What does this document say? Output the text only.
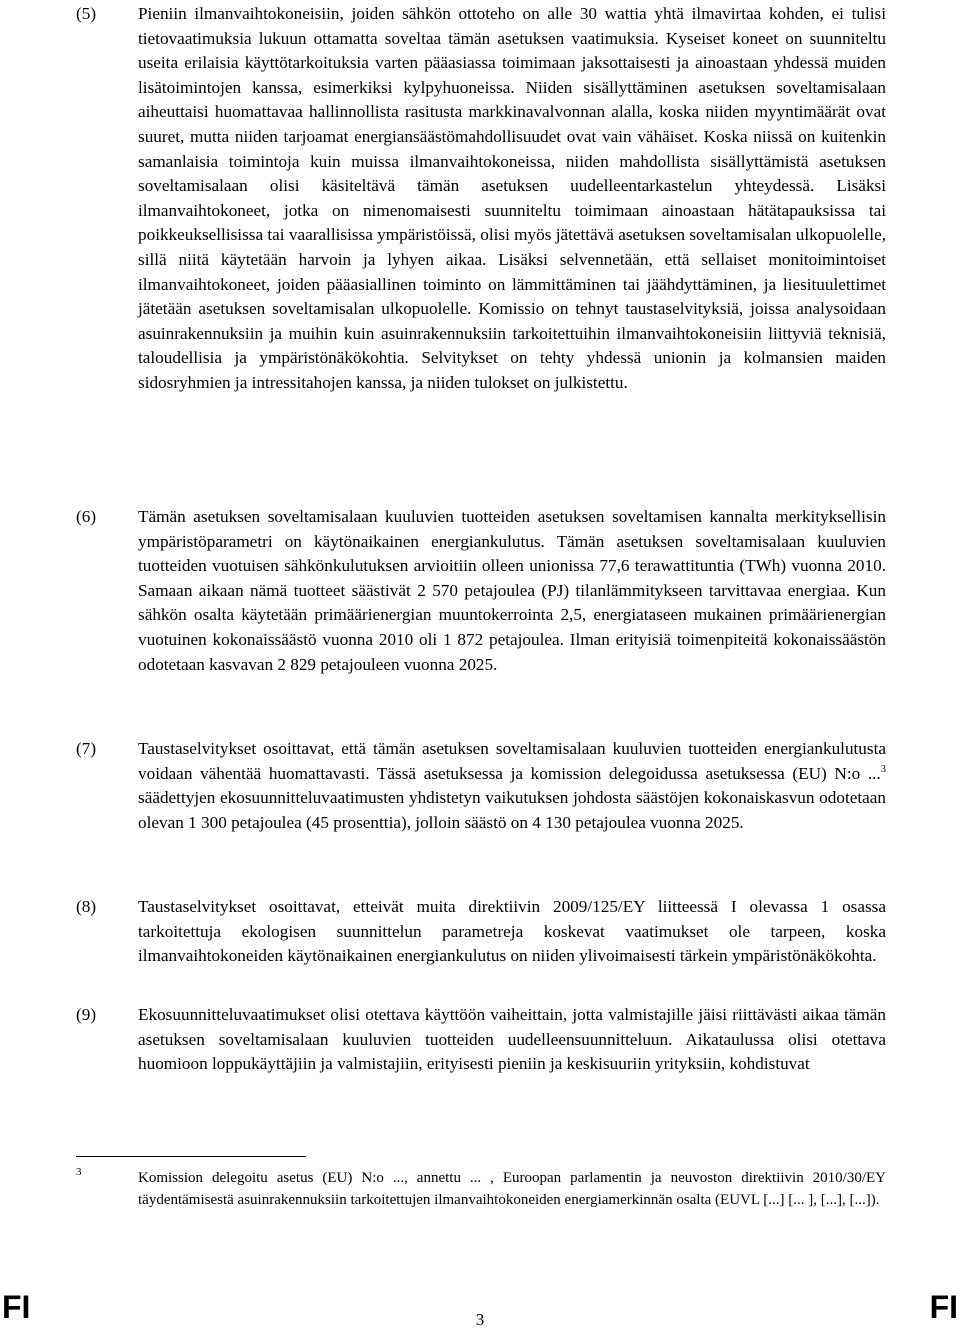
(5) Pieniin ilmanvaihtokoneisiin, joiden sähkön ottoteho on alle 30 wattia yhtä ilmavirtaa kohden, ei tulisi tietovaatimuksia lukuun ottamatta soveltaa tämän asetuksen vaatimuksia. Kyseiset koneet on suunniteltu useita erilaisia käyttötarkoituksia varten pääasiassa toimimaan jaksottaisesti ja ainoastaan yhdessä muiden lisätoimintojen kanssa, esimerkiksi kylpyhuoneissa. Niiden sisällyttäminen asetuksen soveltamisalaan aiheuttaisi huomattavaa hallinnollista rasitusta markkinavalvonnan alalla, koska niiden myyntimäärät ovat suuret, mutta niiden tarjoamat energiansäästömahdollisuudet ovat vain vähäiset. Koska niissä on kuitenkin samanlaisia toimintoja kuin muissa ilmanvaihtokoneissa, niiden mahdollista sisällyttämistä asetuksen soveltamisalaan olisi käsiteltävä tämän asetuksen uudelleentarkastelun yhteydessä. Lisäksi ilmanvaihtokoneet, jotka on nimenomaisesti suunniteltu toimimaan ainoastaan hätätapauksissa tai poikkeuksellisissa tai vaarallisissa ympäristöissä, olisi myös jätettävä asetuksen soveltamisalan ulkopuolelle, sillä niitä käytetään harvoin ja lyhyen aikaa. Lisäksi selvennetään, että sellaiset monitoimintoiset ilmanvaihtokoneet, joiden pääasiallinen toiminto on lämmittäminen tai jäähdyttäminen, ja liesituulettimet jätetään asetuksen soveltamisalan ulkopuolelle. Komissio on tehnyt taustaselvityksiä, joissa analysoidaan asuinrakennuksiin ja muihin kuin asuinrakennuksiin tarkoitettuihin ilmanvaihtokoneisiin liittyviä teknisiä, taloudellisia ja ympäristönäkökohtia. Selvitykset on tehty yhdessä unionin ja kolmansien maiden sidosryhmien ja intressitahojen kanssa, ja niiden tulokset on julkistettu.

(6) Tämän asetuksen soveltamisalaan kuuluvien tuotteiden asetuksen soveltamisen kannalta merkityksellisin ympäristöparametri on käytönaikainen energiankulutus. Tämän asetuksen soveltamisalaan kuuluvien tuotteiden vuotuisen sähkönkulutuksen arvioitiin olleen unionissa 77,6 terawattituntia (TWh) vuonna 2010. Samaan aikaan nämä tuotteet säästivät 2 570 petajoulea (PJ) tilanlämmitykseen tarvittavaa energiaa. Kun sähkön osalta käytetään primäärienergian muuntokerrointa 2,5, energiataseen mukainen primäärienergian vuotuinen kokonaissäästö vuonna 2010 oli 1 872 petajoulea. Ilman erityisiä toimenpiteitä kokonaissäästön odotetaan kasvavan 2 829 petajouleen vuonna 2025.

(7) Taustaselvitykset osoittavat, että tämän asetuksen soveltamisalaan kuuluvien tuotteiden energiankulutusta voidaan vähentää huomattavasti. Tässä asetuksessa ja komission delegoidussa asetuksessa (EU) N:o ...$^3$ säädettyjen ekosuunnitteluvaatimusten yhdistetyn vaikutuksen johdosta säästöjen kokonaiskasvun odotetaan olevan 1 300 petajoulea (45 prosenttia), jolloin säästö on 4 130 petajoulea vuonna 2025.

(8) Taustaselvitykset osoittavat, etteivät muita direktiivin 2009/125/EY liitteessä I olevassa 1 osassa tarkoitettuja ekologisen suunnittelun parametreja koskevat vaatimukset ole tarpeen, koska ilmanvaihtokoneiden käytönaikainen energiankulutus on niiden ylivoimaisesti tärkein ympäristönäkökohta.

(9) Ekosuunnitteluvaatimukset olisi otettava käyttöön vaiheittain, jotta valmistajille jäisi riittävästi aikaa tämän asetuksen soveltamisalaan kuuluvien tuotteiden uudelleensuunnitteluun. Aikataulussa olisi otettava huomioon loppukäyttäjiin ja valmistajiin, erityisesti pieniin ja keskisuuriin yrityksiin, kohdistuvat

3	Komission delegoitu asetus (EU) N:o ..., annettu ... , Euroopan parlamentin ja neuvoston direktiivin 2010/30/EY täydentämisestä asuinrakennuksiin tarkoitettujen ilmanvaihtokoneiden energiamerkinnän osalta (EUVL [...] [... ], [...], [...]).
FI	3	FI
